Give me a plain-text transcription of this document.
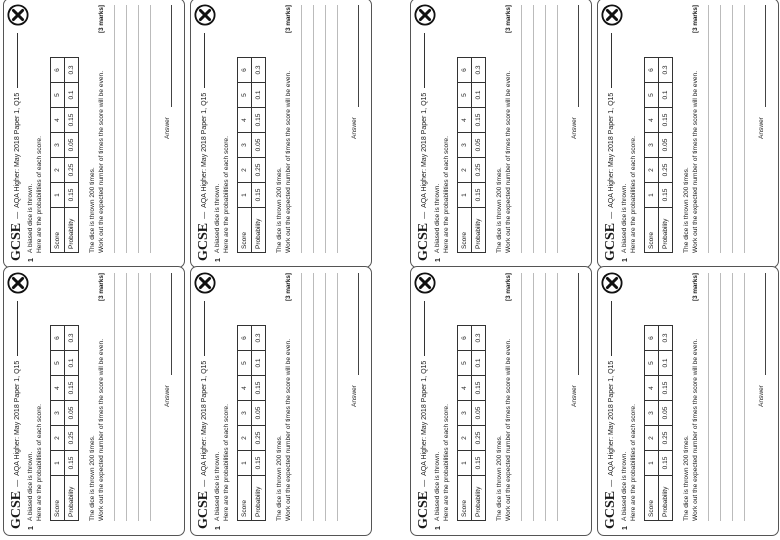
GCSE
—
AQA Higher: May 2018 Paper 1, Q15
1
A biased dice is thrown. Here are the probabilities of each score. Score	1	2	3	4	5	6
Probability	0.15	0.25	0.05	0.15	0.1	0.3
The dice is thrown 200 times. Work out the expected number of times the score will be even.
[3 marks]
Answer
GCSE
—
AQA Higher: May 2018 Paper 1, Q15
1
A biased dice is thrown. Here are the probabilities of each score. Score	1	2	3	4	5	6
Probability	0.15	0.25	0.05	0.15	0.1	0.3
The dice is thrown 200 times. Work out the expected number of times the score will be even.
[3 marks]
Answer
GCSE
—
AQA Higher: May 2018 Paper 1, Q15
1
A biased dice is thrown. Here are the probabilities of each score. Score	1	2	3	4	5	6
Probability	0.15	0.25	0.05	0.15	0.1	0.3
The dice is thrown 200 times. Work out the expected number of times the score will be even.
[3 marks]
Answer
GCSE
—
AQA Higher: May 2018 Paper 1, Q15
1
A biased dice is thrown. Here are the probabilities of each score. Score	1	2	3	4	5	6
Probability	0.15	0.25	0.05	0.15	0.1	0.3
The dice is thrown 200 times. Work out the expected number of times the score will be even.
[3 marks]
Answer
GCSE
—
AQA Higher: May 2018 Paper 1, Q15
1
A biased dice is thrown. Here are the probabilities of each score. Score	1	2	3	4	5	6
Probability	0.15	0.25	0.05	0.15	0.1	0.3
The dice is thrown 200 times. Work out the expected number of times the score will be even.
[3 marks]
Answer
GCSE
—
AQA Higher: May 2018 Paper 1, Q15
1
A biased dice is thrown. Here are the probabilities of each score. Score	1	2	3	4	5	6
Probability	0.15	0.25	0.05	0.15	0.1	0.3
The dice is thrown 200 times. Work out the expected number of times the score will be even.
[3 marks]
Answer
GCSE
—
AQA Higher: May 2018 Paper 1, Q15
1
A biased dice is thrown. Here are the probabilities of each score. Score	1	2	3	4	5	6
Probability	0.15	0.25	0.05	0.15	0.1	0.3
The dice is thrown 200 times. Work out the expected number of times the score will be even.
[3 marks]
Answer
GCSE
—
AQA Higher: May 2018 Paper 1, Q15
1
A biased dice is thrown. Here are the probabilities of each score. Score	1	2	3	4	5	6
Probability	0.15	0.25	0.05	0.15	0.1	0.3
The dice is thrown 200 times. Work out the expected number of times the score will be even.
[3 marks]
Answer
